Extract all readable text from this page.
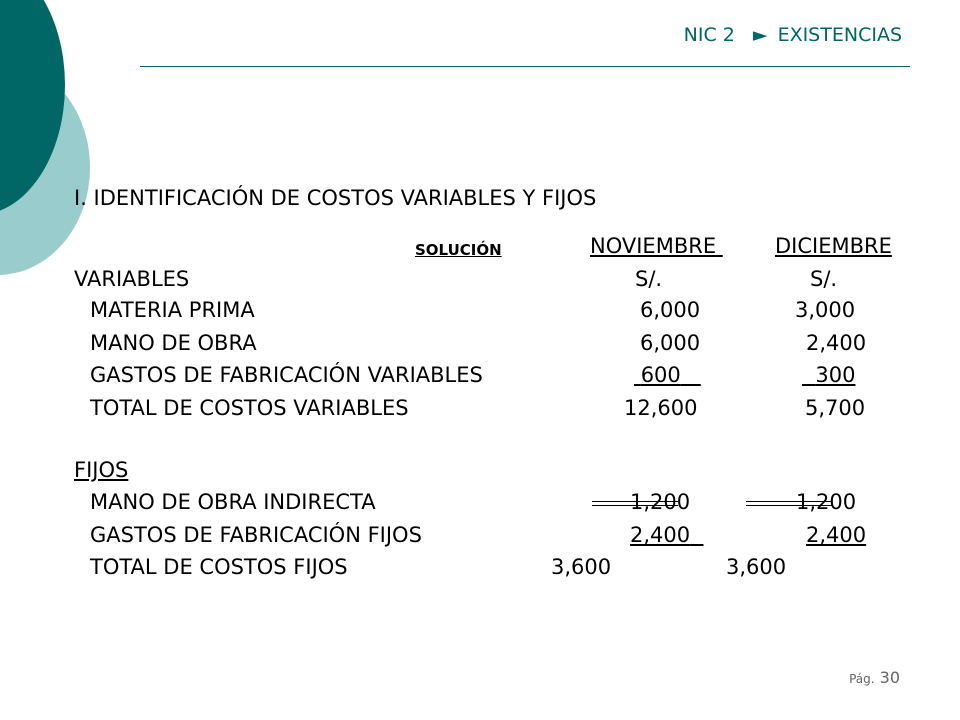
NIC 2 ► EXISTENCIAS
I. IDENTIFICACIÓN DE COSTOS VARIABLES Y FIJOS
SOLUCIÓN	NOVIEMBRE	DICIEMBRE
VARIABLES	S/.	S/.
MATERIA PRIMA	6,000	3,000
MANO DE OBRA	6,000	2,400
GASTOS DE FABRICACIÓN VARIABLES	600	300
TOTAL DE COSTOS VARIABLES	12,600	5,700
FIJOS
MANO DE OBRA INDIRECTA	1,200	1,200
GASTOS DE FABRICACIÓN FIJOS	2,400	2,400
TOTAL DE COSTOS FIJOS	3,600	3,600
Pág. 30
